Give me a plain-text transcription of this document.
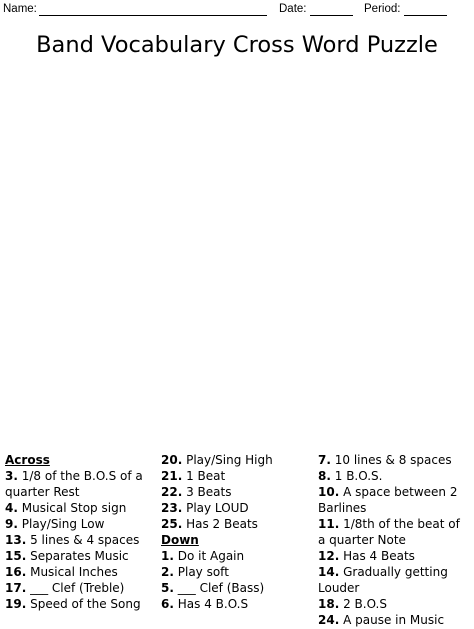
Name:	Date:	Period:
Band Vocabulary Cross Word Puzzle
Across
3. 1/8 of the B.O.S of a quarter Rest
4. Musical Stop sign
9. Play/Sing Low
13. 5 lines & 4 spaces
15. Separates Music
16. Musical Inches
17. ___ Clef (Treble)
19. Speed of the Song
20. Play/Sing High
21. 1 Beat
22. 3 Beats
23. Play LOUD
25. Has 2 Beats
Down
1. Do it Again
2. Play soft
5. ___ Clef (Bass)
6. Has 4 B.O.S
7. 10 lines & 8 spaces
8. 1 B.O.S.
10. A space between 2 Barlines
11. 1/8th of the beat of a quarter Note
12. Has 4 Beats
14. Gradually getting Louder
18. 2 B.O.S
24. A pause in Music
